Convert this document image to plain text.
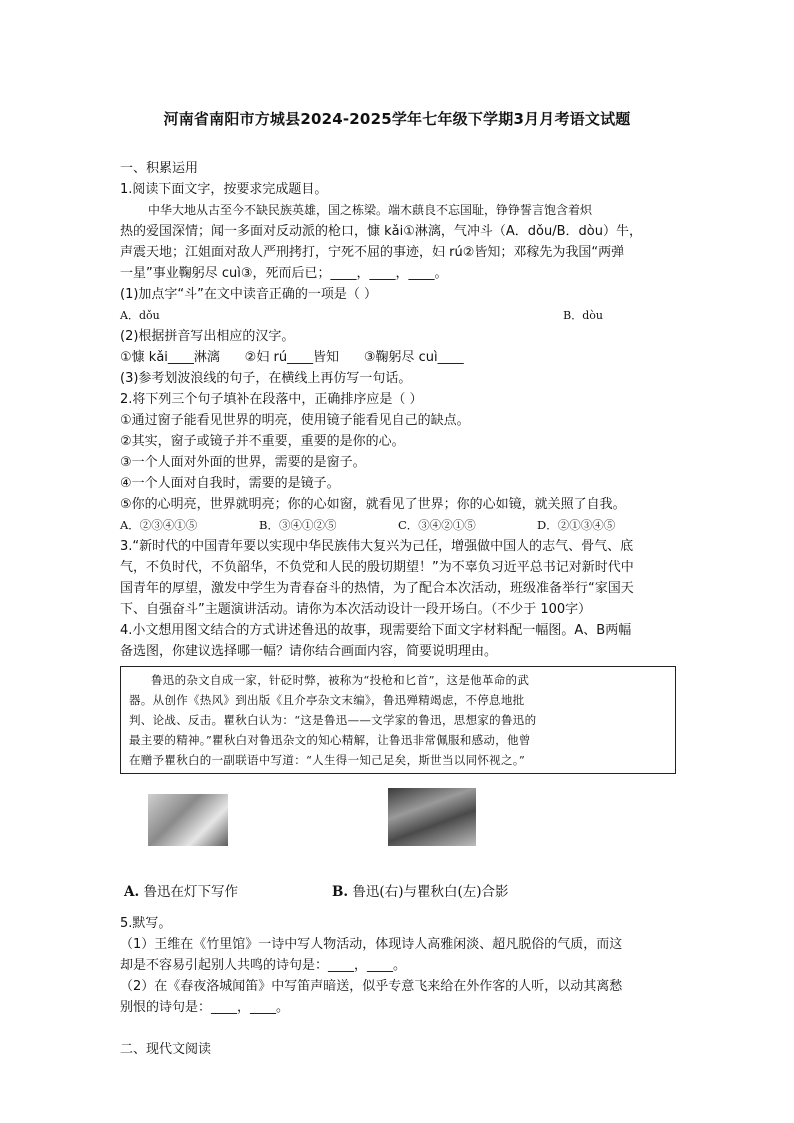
河南省南阳市方城县2024-2025学年七年级下学期3月月考语文试题

一、积累运用

1.阅读下面文字，按要求完成题目。

中华大地从古至今不缺民族英雄，国之栋梁。端木蕻良不忘国耻，铮铮誓言饱含着炽

热的爱国深情；闻一多面对反动派的枪口，慷 kǎi①淋漓，气冲斗（A．dǒu/B．dòu）牛，

声震天地；江姐面对敌人严刑拷打，宁死不屈的事迹，妇 rú②皆知；邓稼先为我国“两弹

一星”事业鞠躬尽 cuì③，死而后已；____，____，____。

(1)加点字“斗”在文中读音正确的一项是（ ）

A．dǒu	B．dòu

(2)根据拼音写出相应的汉字。

①慷 kǎi____淋漓      ②妇 rú____皆知      ③鞠躬尽 cuì____

(3)参考划波浪线的句子，在横线上再仿写一句话。

2.将下列三个句子填补在段落中，正确排序应是（ ）

①通过窗子能看见世界的明亮，使用镜子能看见自己的缺点。

②其实，窗子或镜子并不重要，重要的是你的心。

③一个人面对外面的世界，需要的是窗子。

④一个人面对自我时，需要的是镜子。

⑤你的心明亮，世界就明亮；你的心如窗，就看见了世界；你的心如镜，就关照了自我。

A．②③④①⑤	B．③④①②⑤	C．③④②①⑤	D．②①③④⑤

3.“新时代的中国青年要以实现中华民族伟大复兴为己任，增强做中国人的志气、骨气、底

气，不负时代，不负韶华，不负党和人民的殷切期望！”为不辜负习近平总书记对新时代中

国青年的厚望，激发中学生为青春奋斗的热情，为了配合本次活动，班级准备举行“家国天

下、自强奋斗”主题演讲活动。请你为本次活动设计一段开场白。（不少于 100字）

4.小文想用图文结合的方式讲述鲁迅的故事，现需要给下面文字材料配一幅图。A、B两幅

备选图，你建议选择哪一幅？请你结合画面内容，简要说明理由。

鲁迅的杂文自成一家，针砭时弊，被称为“投枪和匕首”，这是他革命的武
器。从创作《热风》到出版《且介亭杂文末编》，鲁迅殚精竭虑，不停息地批
判、论战、反击。瞿秋白认为：“这是鲁迅——文学家的鲁迅，思想家的鲁迅的
最主要的精神。”瞿秋白对鲁迅杂文的知心精解，让鲁迅非常佩服和感动，他曾
在赠予瞿秋白的一副联语中写道：“人生得一知己足矣，斯世当以同怀视之。”
A. 鲁迅在灯下写作	B. 鲁迅(右)与瞿秋白(左)合影

5.默写。

（1）王维在《竹里馆》一诗中写人物活动，体现诗人高雅闲淡、超凡脱俗的气质，而这

却是不容易引起别人共鸣的诗句是：____，____。

（2）在《春夜洛城闻笛》中写笛声暗送，似乎专意飞来给在外作客的人听，以动其离愁

别恨的诗句是：____，____。

二、现代文阅读
